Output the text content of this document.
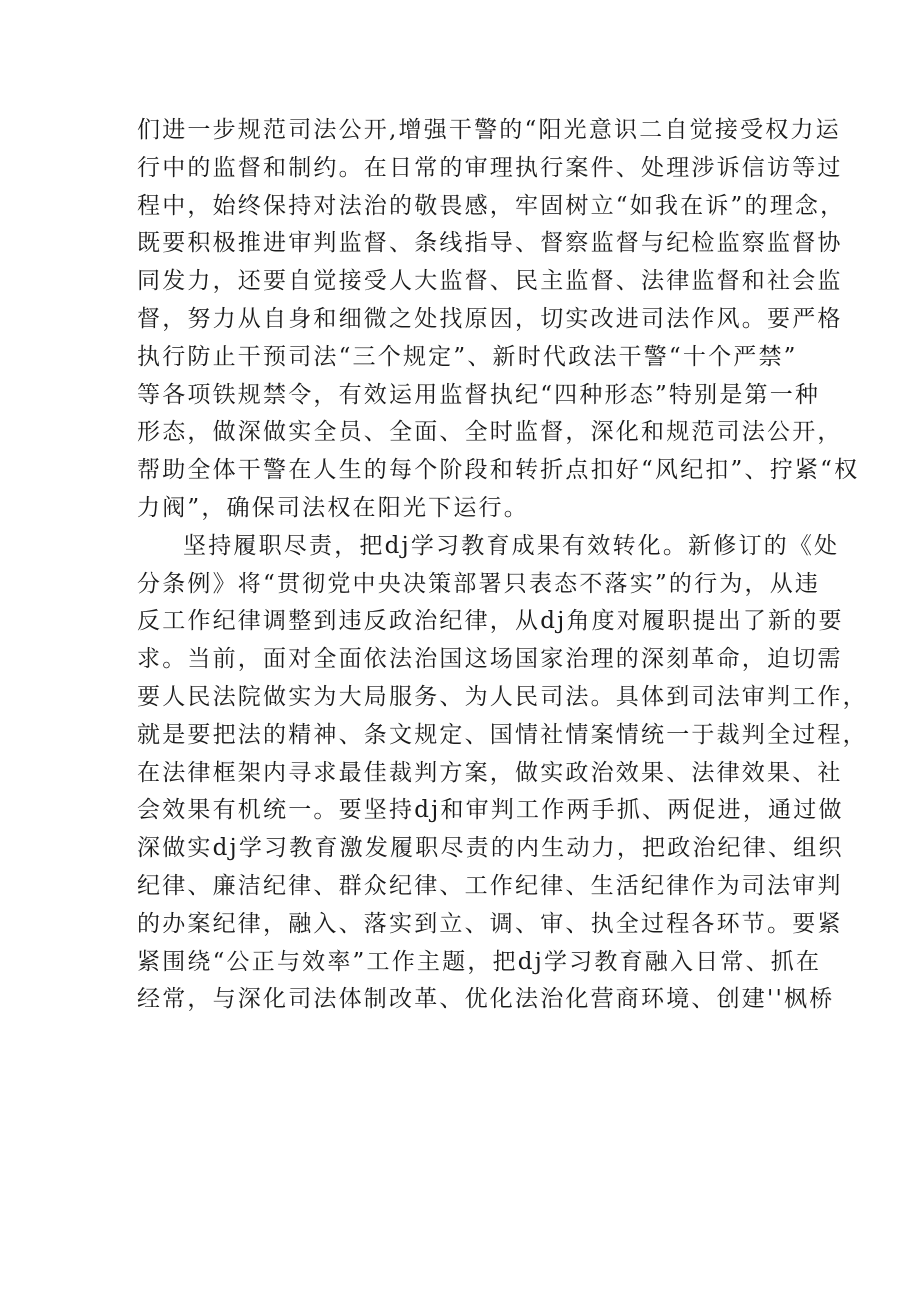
们进一步规范司法公开,增强干警的“阳光意识二自觉接受权力运
行中的监督和制约。在日常的审理执行案件、处理涉诉信访等过
程中，始终保持对法治的敬畏感，牢固树立“如我在诉”的理念，
既要积极推进审判监督、条线指导、督察监督与纪检监察监督协
同发力，还要自觉接受人大监督、民主监督、法律监督和社会监
督，努力从自身和细微之处找原因，切实改进司法作风。要严格
执行防止干预司法“三个规定”、新时代政法干警“十个严禁”
等各项铁规禁令，有效运用监督执纪“四种形态”特别是第一种
形态，做深做实全员、全面、全时监督，深化和规范司法公开，
帮助全体干警在人生的每个阶段和转折点扣好“风纪扣”、拧紧“权
力阀”，确保司法权在阳光下运行。
坚持履职尽责，把dj学习教育成果有效转化。新修订的《处
分条例》将“贯彻党中央决策部署只表态不落实”的行为，从违
反工作纪律调整到违反政治纪律，从dj角度对履职提出了新的要
求。当前，面对全面依法治国这场国家治理的深刻革命，迫切需
要人民法院做实为大局服务、为人民司法。具体到司法审判工作，
就是要把法的精神、条文规定、国情社情案情统一于裁判全过程，
在法律框架内寻求最佳裁判方案，做实政治效果、法律效果、社
会效果有机统一。要坚持dj和审判工作两手抓、两促进，通过做
深做实dj学习教育激发履职尽责的内生动力，把政治纪律、组织
纪律、廉洁纪律、群众纪律、工作纪律、生活纪律作为司法审判
的办案纪律，融入、落实到立、调、审、执全过程各环节。要紧
紧围绕“公正与效率”工作主题，把dj学习教育融入日常、抓在
经常，与深化司法体制改革、优化法治化营商环境、创建''枫桥
